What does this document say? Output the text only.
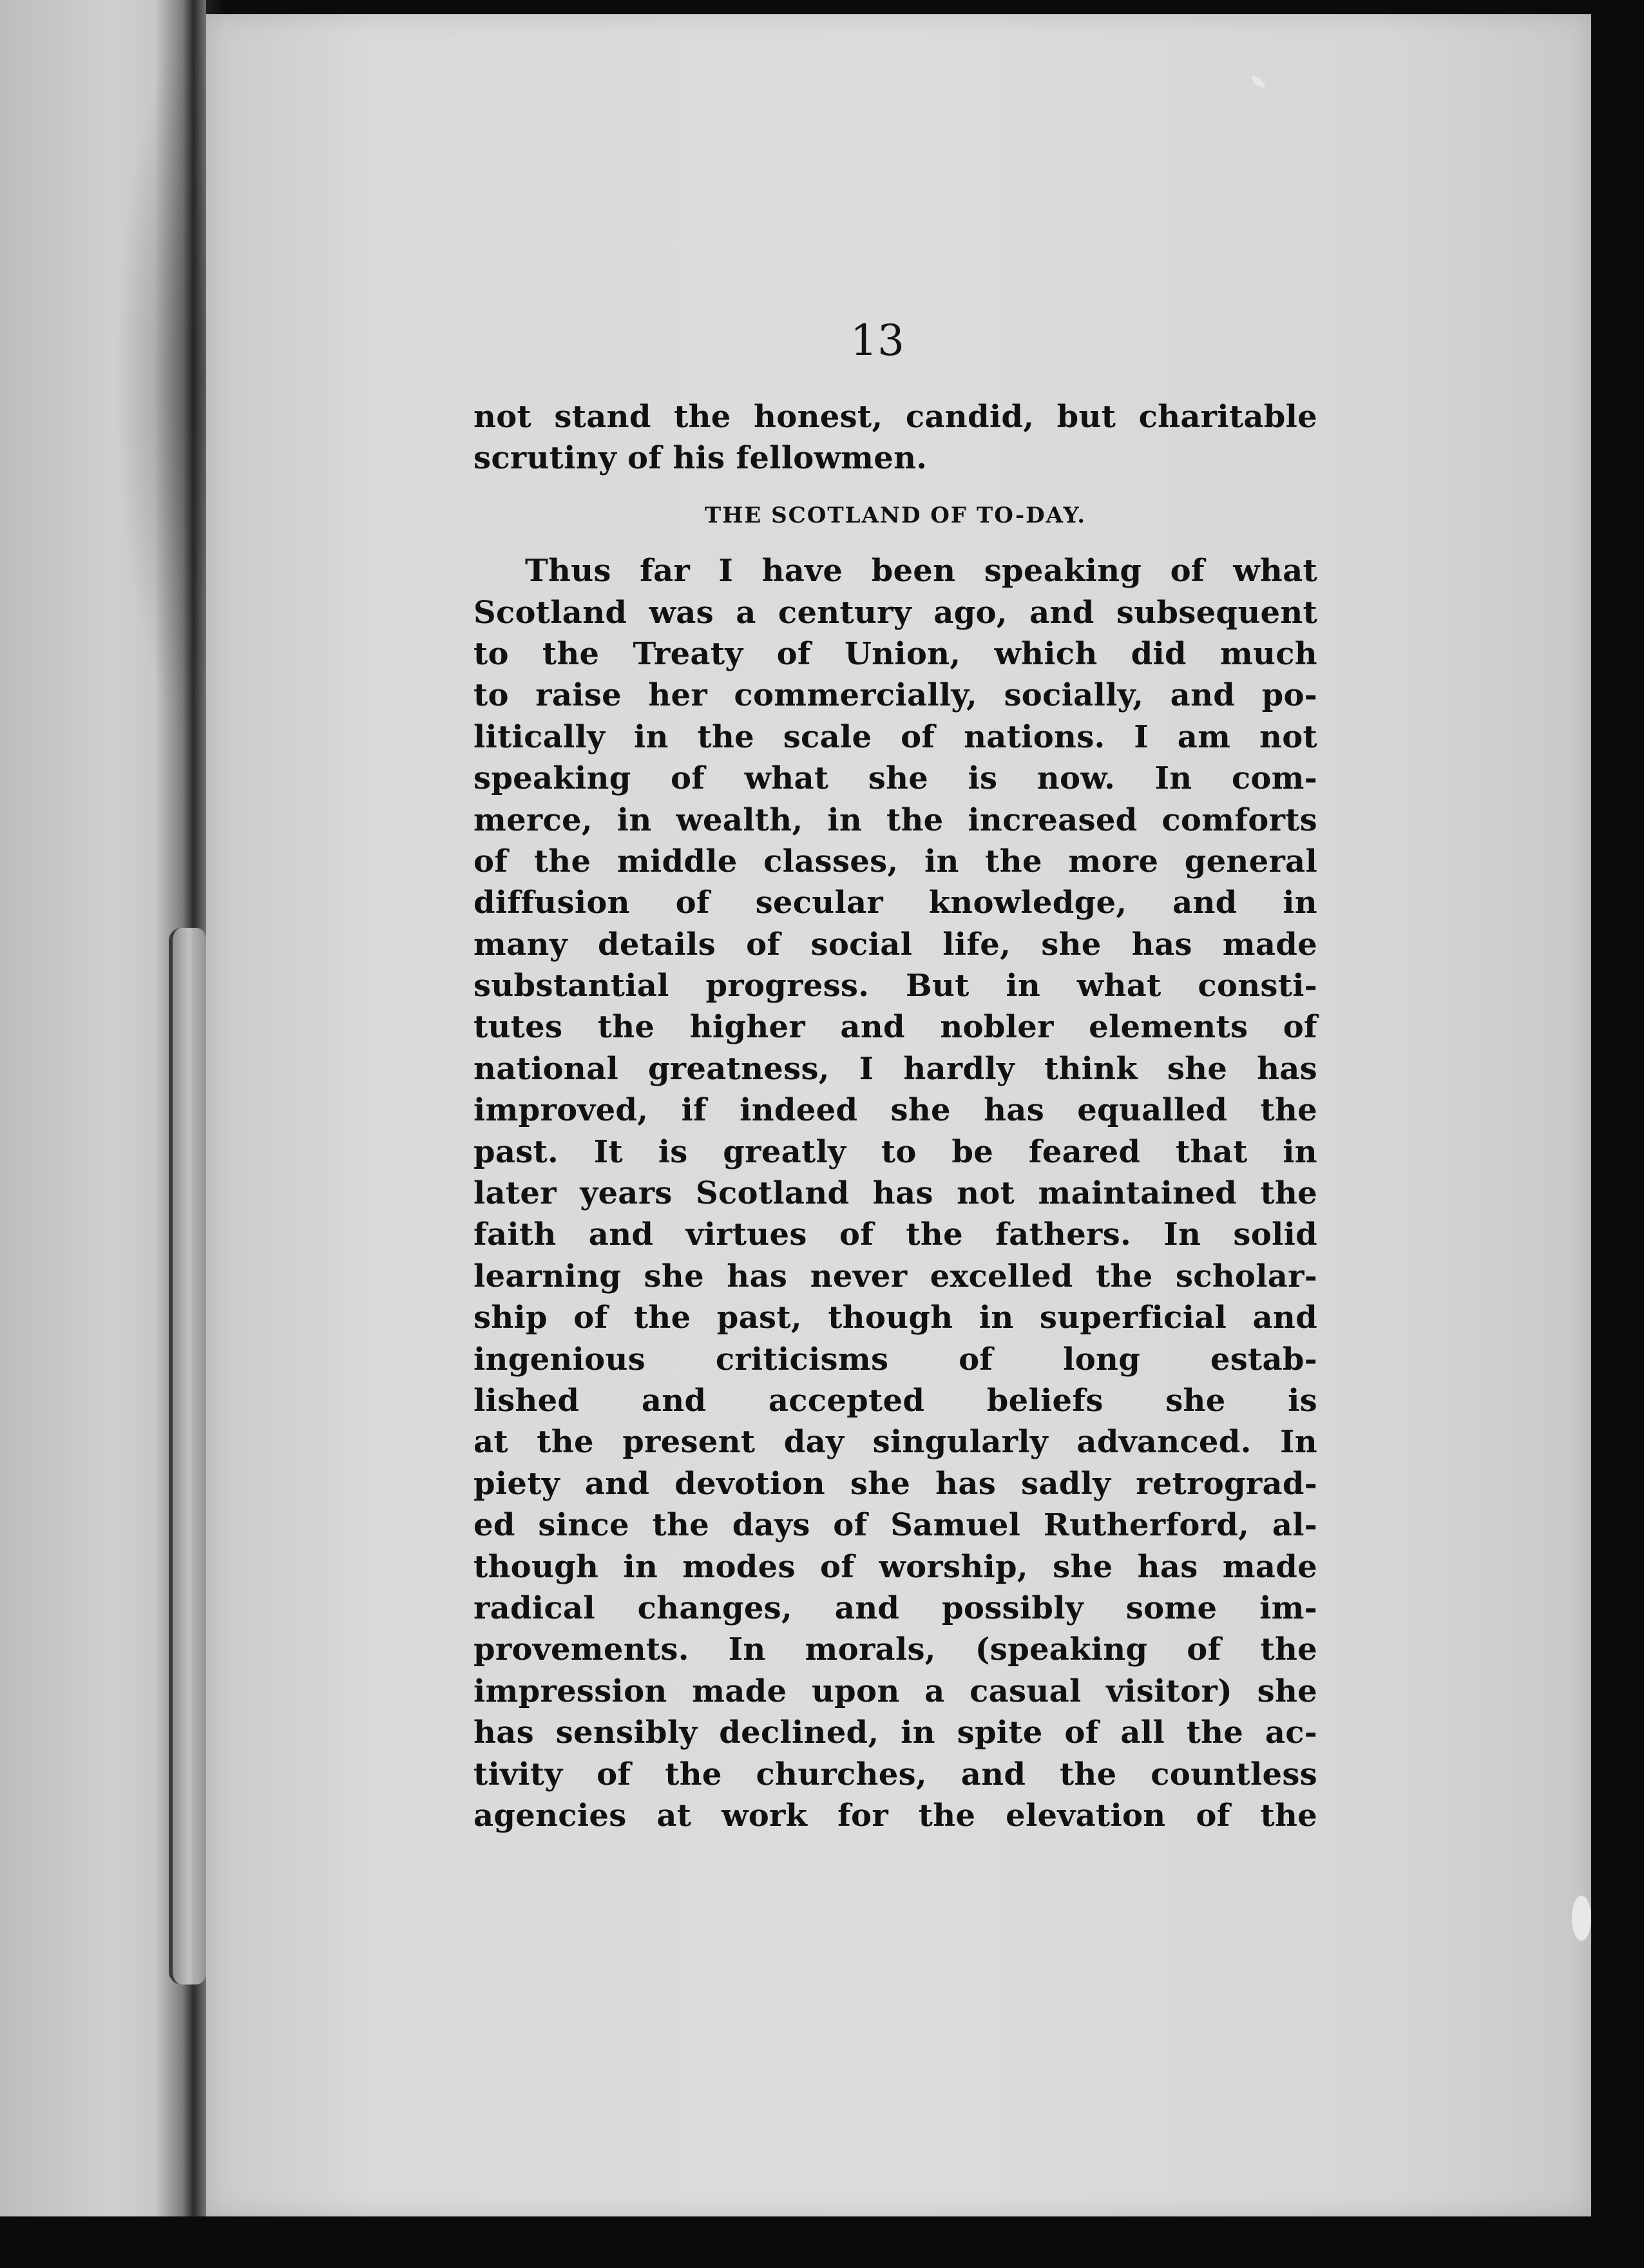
13

not stand the honest, candid, but charitable
scrutiny of his fellowmen.
THE SCOTLAND OF TO-DAY.
Thus far I have been speaking of what
Scotland was a century ago, and subsequent
to the Treaty of Union, which did much
to raise her commercially, socially, and po-
litically in the scale of nations. I am not
speaking of what she is now. In com-
merce, in wealth, in the increased comforts
of the middle classes, in the more general
diffusion of secular knowledge, and in
many details of social life, she has made
substantial progress. But in what consti-
tutes the higher and nobler elements of
national greatness, I hardly think she has
improved, if indeed she has equalled the
past. It is greatly to be feared that in
later years Scotland has not maintained the
faith and virtues of the fathers. In solid
learning she has never excelled the scholar-
ship of the past, though in superficial and
ingenious criticisms of long estab-
lished and accepted beliefs she is
at the present day singularly advanced. In
piety and devotion she has sadly retrograd-
ed since the days of Samuel Rutherford, al-
though in modes of worship, she has made
radical changes, and possibly some im-
provements. In morals, (speaking of the
impression made upon a casual visitor) she
has sensibly declined, in spite of all the ac-
tivity of the churches, and the countless
agencies at work for the elevation of the
